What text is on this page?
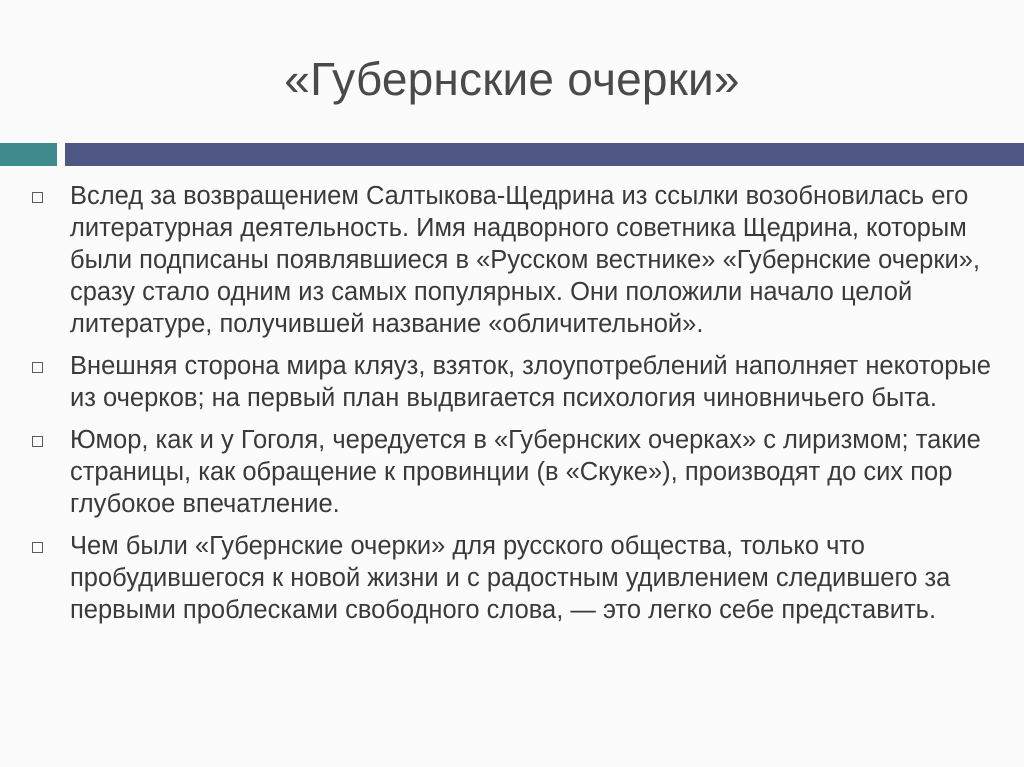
«Губернские очерки»
Вслед за возвращением Салтыкова-Щедрина из ссылки возобновилась его литературная деятельность. Имя надворного советника Щедрина, которым были подписаны появлявшиеся в «Русском вестнике» «Губернские очерки», сразу стало одним из самых популярных. Они положили начало целой литературе, получившей название «обличительной».
Внешняя сторона мира кляуз, взяток, злоупотреблений наполняет некоторые из очерков; на первый план выдвигается психология чиновничьего быта.
Юмор, как и у Гоголя, чередуется в «Губернских очерках» с лиризмом; такие страницы, как обращение к провинции (в «Скуке»), производят до сих пор глубокое впечатление.
Чем были «Губернские очерки» для русского общества, только что пробудившегося к новой жизни и с радостным удивлением следившего за первыми проблесками свободного слова, — это легко себе представить.
